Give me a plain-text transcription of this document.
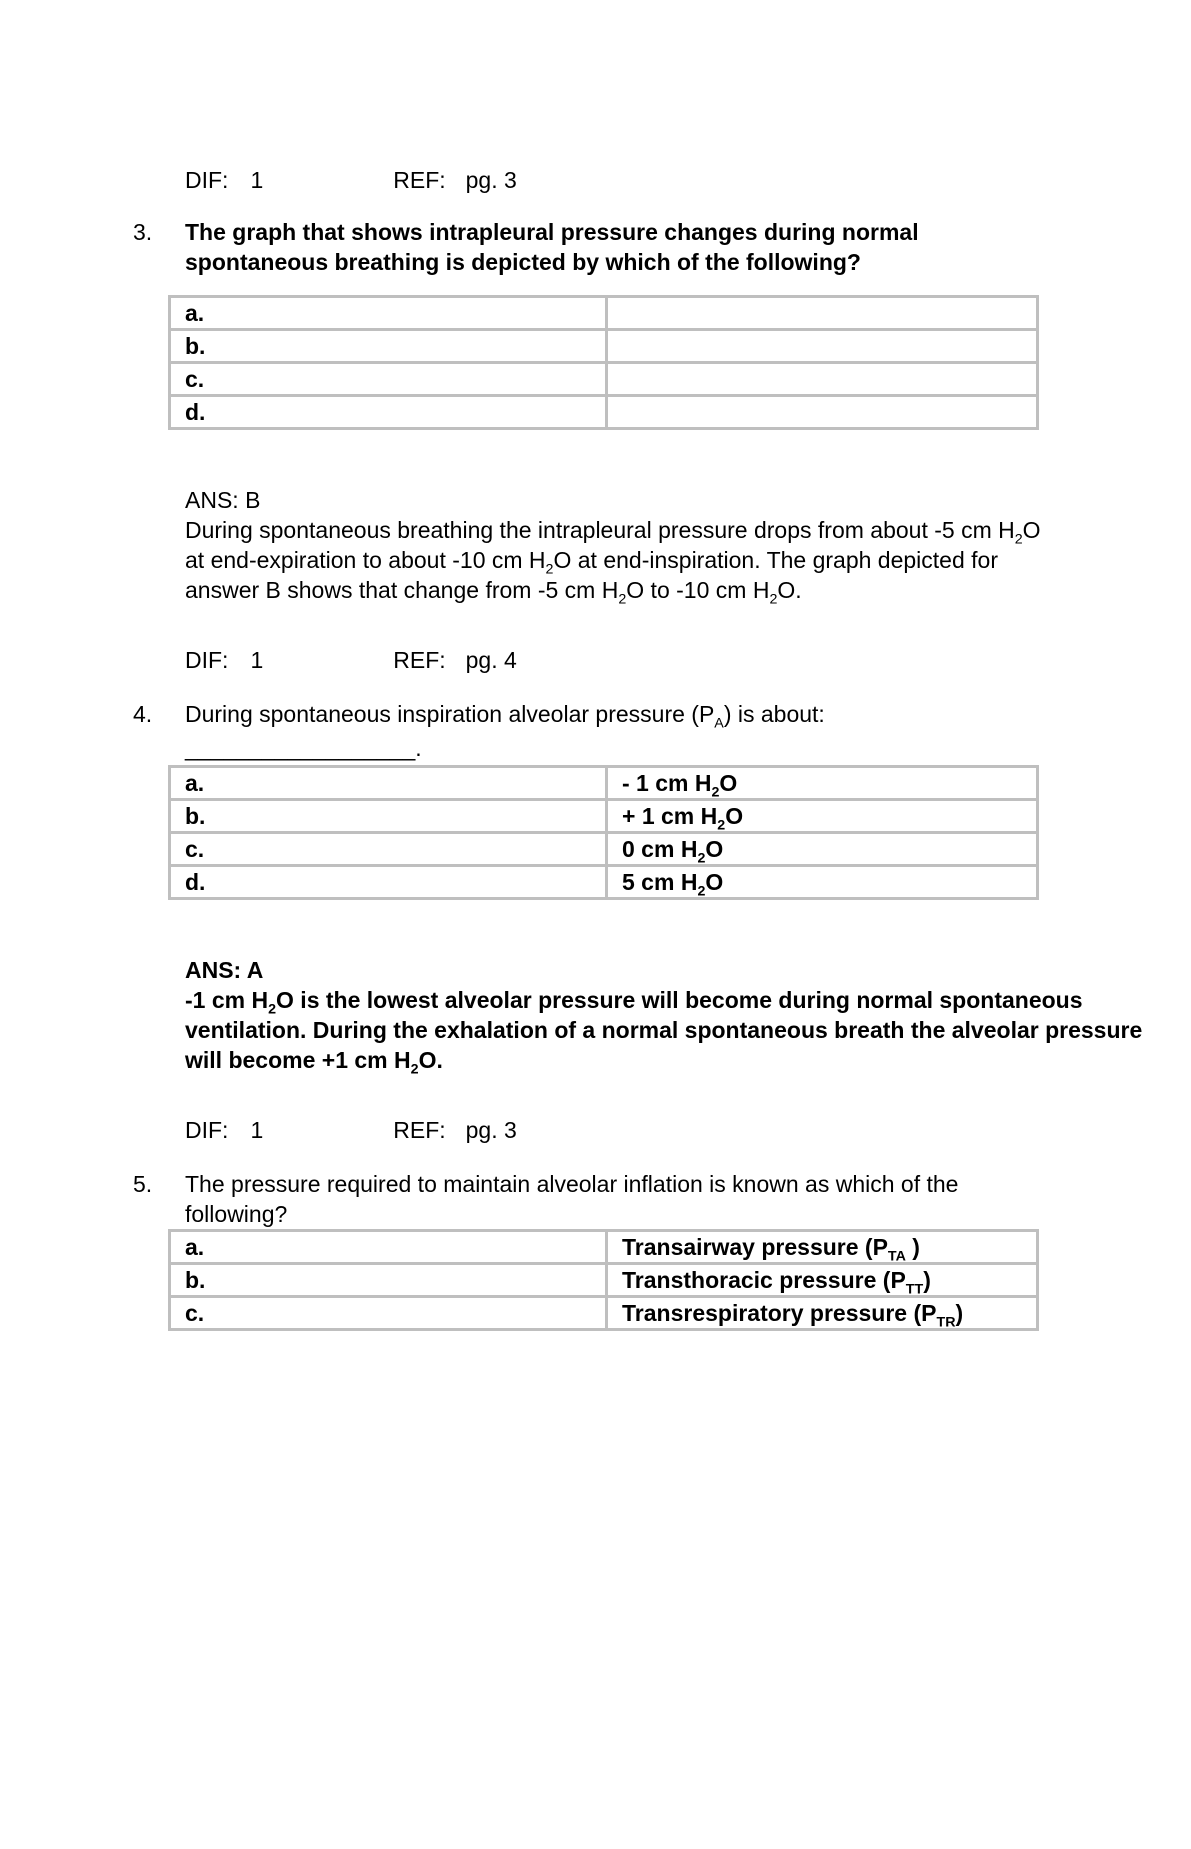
DIF: 1	REF: pg. 3
3.	The graph that shows intrapleural pressure changes during normal spontaneous breathing is depicted by which of the following?
a.	
b.	
c.	
d.	
ANS: B
During spontaneous breathing the intrapleural pressure drops from about -5 cm $H_2O$ at end-expiration to about -10 cm $H_2O$ at end-inspiration. The graph depicted for answer B shows that change from -5 cm $H_2O$ to -10 cm $H_2O$.
DIF: 1	REF: pg. 4
4.	During spontaneous inspiration alveolar pressure $(P_A)$ is about:
__________________.
a.	- 1 cm $H_2O$
b.	+ 1 cm $H_2O$
c.	0 cm $H_2O$
d.	5 cm $H_2O$
ANS: A
-1 cm $H_2O$ is the lowest alveolar pressure will become during normal spontaneous ventilation. During the exhalation of a normal spontaneous breath the alveolar pressure will become +1 cm $H_2O$.
DIF: 1	REF: pg. 3
5.	The pressure required to maintain alveolar inflation is known as which of the following?
a.	Transairway pressure ($P_{TA}$ )
b.	Transthoracic pressure $(P_{TT})$
c.	Transrespiratory pressure $(P_{TR})$
